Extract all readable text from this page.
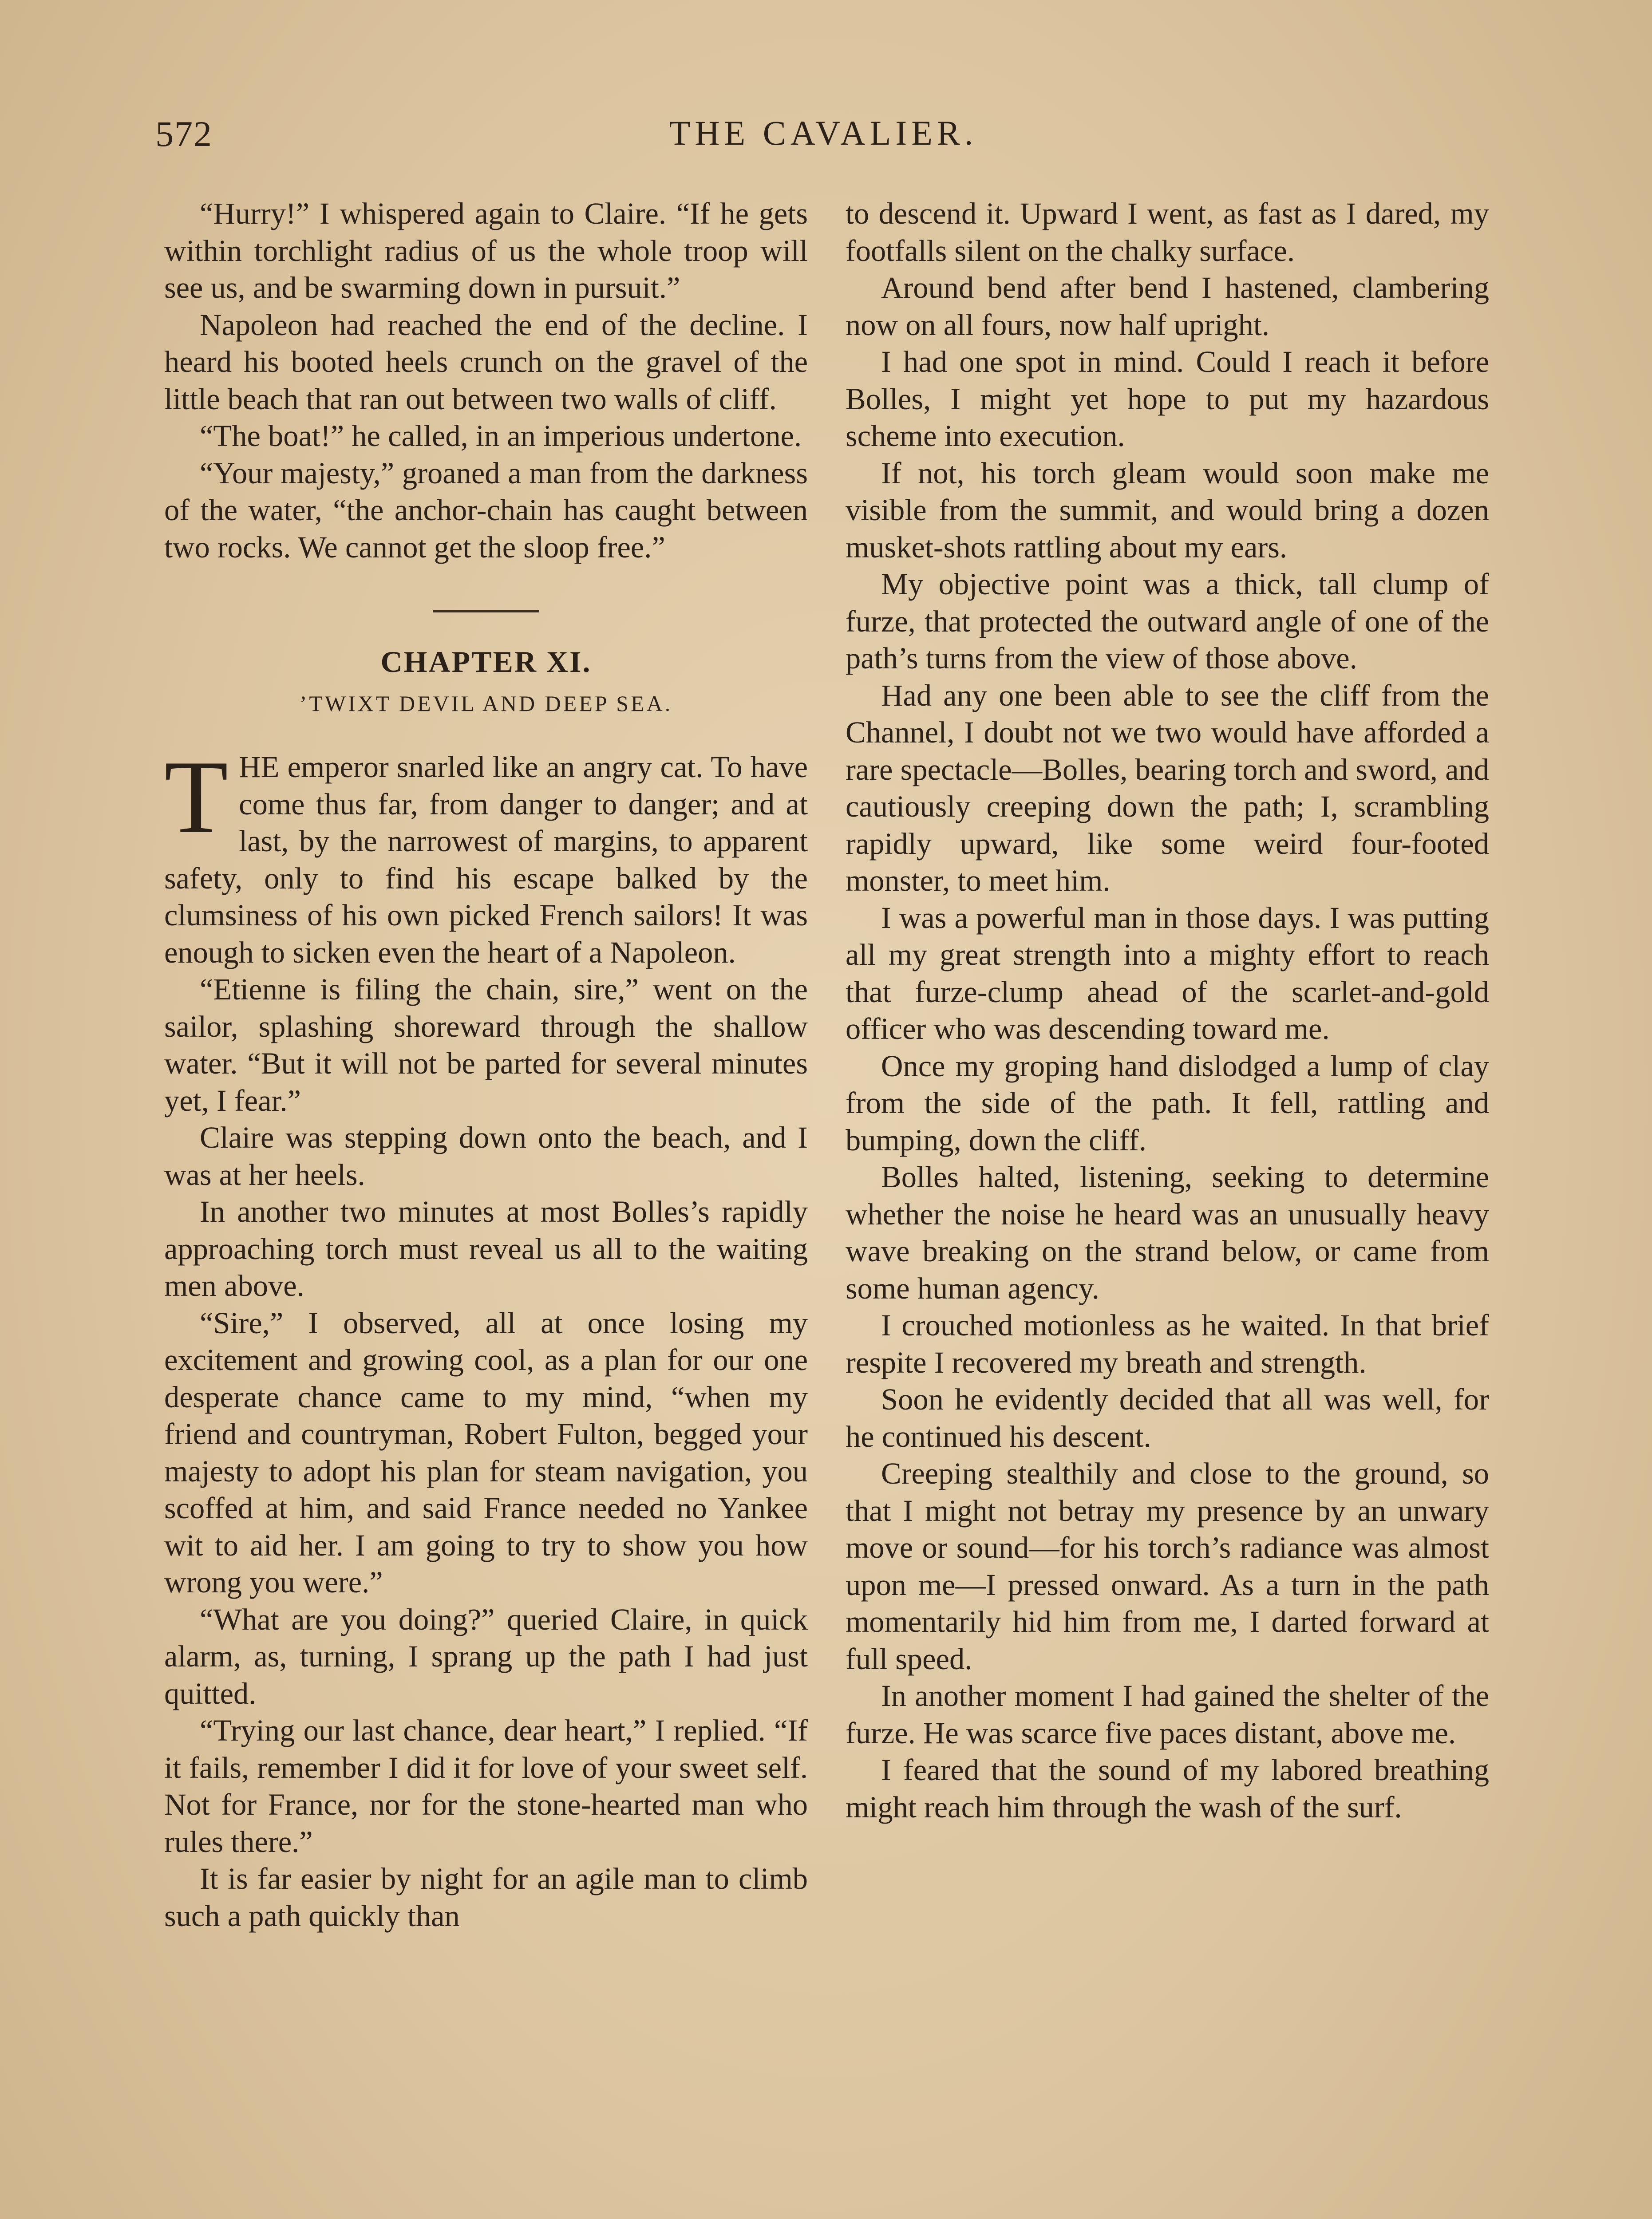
572	THE CAVALIER.

“Hurry!” I whispered again to Claire. “If he gets within torchlight radius of us the whole troop will see us, and be swarming down in pursuit.”

Napoleon had reached the end of the decline. I heard his booted heels crunch on the gravel of the little beach that ran out between two walls of cliff.

“The boat!” he called, in an imperious undertone.

“Your majesty,” groaned a man from the darkness of the water, “the anchor-chain has caught between two rocks. We cannot get the sloop free.”

CHAPTER XI.
’TWIXT DEVIL AND DEEP SEA.

THE emperor snarled like an angry cat. To have come thus far, from danger to danger; and at last, by the narrowest of margins, to apparent safety, only to find his escape balked by the clumsiness of his own picked French sailors! It was enough to sicken even the heart of a Napoleon.

“Etienne is filing the chain, sire,” went on the sailor, splashing shoreward through the shallow water. “But it will not be parted for several minutes yet, I fear.”

Claire was stepping down onto the beach, and I was at her heels.

In another two minutes at most Bolles’s rapidly approaching torch must reveal us all to the waiting men above.

“Sire,” I observed, all at once losing my excitement and growing cool, as a plan for our one desperate chance came to my mind, “when my friend and countryman, Robert Fulton, begged your majesty to adopt his plan for steam navigation, you scoffed at him, and said France needed no Yankee wit to aid her. I am going to try to show you how wrong you were.”

“What are you doing?” queried Claire, in quick alarm, as, turning, I sprang up the path I had just quitted.

“Trying our last chance, dear heart,” I replied. “If it fails, remember I did it for love of your sweet self. Not for France, nor for the stone-hearted man who rules there.”

It is far easier by night for an agile man to climb such a path quickly than

to descend it. Upward I went, as fast as I dared, my footfalls silent on the chalky surface.

Around bend after bend I hastened, clambering now on all fours, now half upright.

I had one spot in mind. Could I reach it before Bolles, I might yet hope to put my hazardous scheme into execution.

If not, his torch gleam would soon make me visible from the summit, and would bring a dozen musket-shots rattling about my ears.

My objective point was a thick, tall clump of furze, that protected the outward angle of one of the path’s turns from the view of those above.

Had any one been able to see the cliff from the Channel, I doubt not we two would have afforded a rare spectacle—Bolles, bearing torch and sword, and cautiously creeping down the path; I, scrambling rapidly upward, like some weird four-footed monster, to meet him.

I was a powerful man in those days. I was putting all my great strength into a mighty effort to reach that furze-clump ahead of the scarlet-and-gold officer who was descending toward me.

Once my groping hand dislodged a lump of clay from the side of the path. It fell, rattling and bumping, down the cliff.

Bolles halted, listening, seeking to determine whether the noise he heard was an unusually heavy wave breaking on the strand below, or came from some human agency.

I crouched motionless as he waited. In that brief respite I recovered my breath and strength.

Soon he evidently decided that all was well, for he continued his descent.

Creeping stealthily and close to the ground, so that I might not betray my presence by an unwary move or sound—for his torch’s radiance was almost upon me—I pressed onward. As a turn in the path momentarily hid him from me, I darted forward at full speed.

In another moment I had gained the shelter of the furze. He was scarce five paces distant, above me.

I feared that the sound of my labored breathing might reach him through the wash of the surf.
